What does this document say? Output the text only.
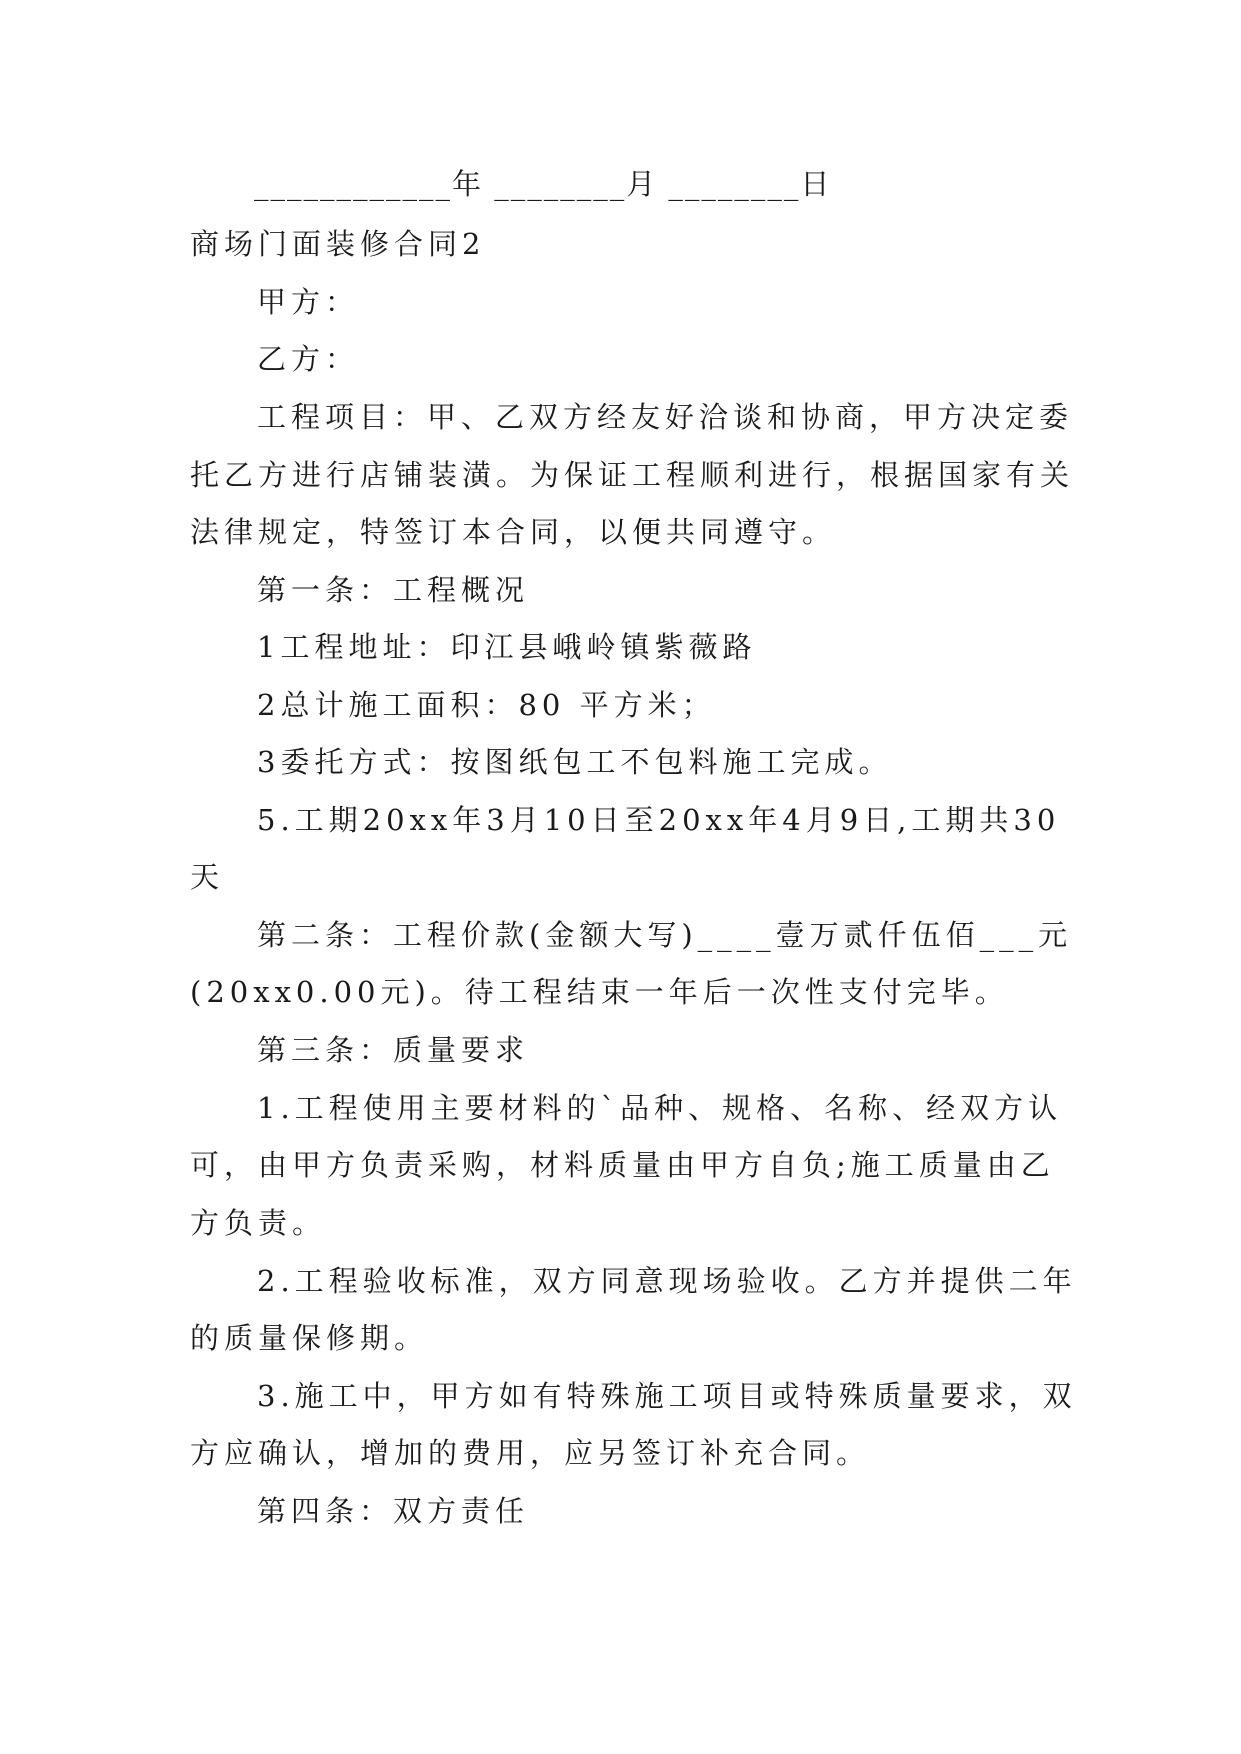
____________年 ________月 ________日
商场门面装修合同2
甲方：
乙方：
工程项目：甲、乙双方经友好洽谈和协商，甲方决定委
托乙方进行店铺装潢。为保证工程顺利进行，根据国家有关
法律规定，特签订本合同，以便共同遵守。
第一条：工程概况
1工程地址：印江县峨岭镇紫薇路
2总计施工面积：80 平方米；
3委托方式：按图纸包工不包料施工完成。
5.工期20xx年3月10日至20xx年4月9日,工期共30
天
第二条：工程价款(金额大写)____壹万贰仟伍佰___元
(20xx0.00元)。待工程结束一年后一次性支付完毕。
第三条：质量要求
1.工程使用主要材料的`品种、规格、名称、经双方认
可，由甲方负责采购，材料质量由甲方自负;施工质量由乙
方负责。
2.工程验收标准，双方同意现场验收。乙方并提供二年
的质量保修期。
3.施工中，甲方如有特殊施工项目或特殊质量要求，双
方应确认，增加的费用，应另签订补充合同。
第四条：双方责任
